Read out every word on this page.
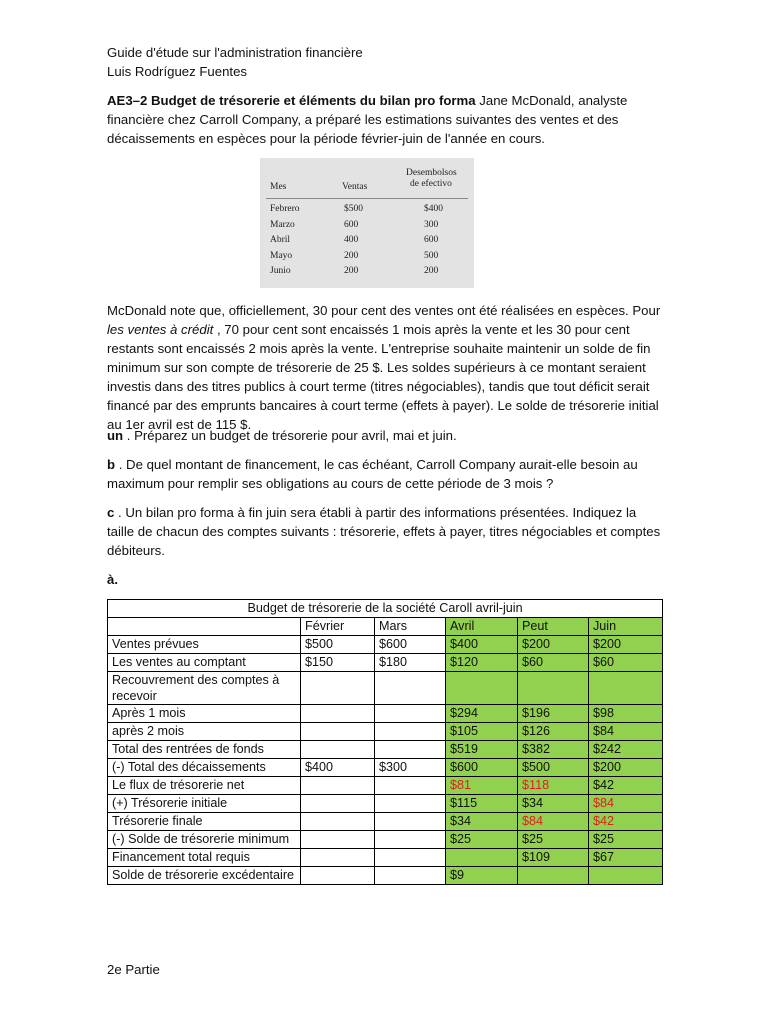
Guide d'étude sur l'administration financière
Luis Rodríguez Fuentes
AE3–2 Budget de trésorerie et éléments du bilan pro forma Jane McDonald, analyste financière chez Carroll Company, a préparé les estimations suivantes des ventes et des décaissements en espèces pour la période février-juin de l'année en cours.
Mes	Ventas
Desembolsos
de efectivo
Febrero	$500	$400
Marzo	600	300
Abril	400	600
Mayo	200	500
Junio	200	200
McDonald note que, officiellement, 30 pour cent des ventes ont été réalisées en espèces. Pour les ventes à crédit , 70 pour cent sont encaissés 1 mois après la vente et les 30 pour cent restants sont encaissés 2 mois après la vente. L'entreprise souhaite maintenir un solde de fin minimum sur son compte de trésorerie de 25 $. Les soldes supérieurs à ce montant seraient investis dans des titres publics à court terme (titres négociables), tandis que tout déficit serait financé par des emprunts bancaires à court terme (effets à payer). Le solde de trésorerie initial au 1er avril est de 115 $.
un . Préparez un budget de trésorerie pour avril, mai et juin.
b . De quel montant de financement, le cas échéant, Carroll Company aurait-elle besoin au maximum pour remplir ses obligations au cours de cette période de 3 mois ?
c . Un bilan pro forma à fin juin sera établi à partir des informations présentées. Indiquez la taille de chacun des comptes suivants : trésorerie, effets à payer, titres négociables et comptes débiteurs.
à.
Budget de trésorerie de la société Caroll avril-juin					
	Février	Mars	Avril	Peut	Juin
Ventes prévues	$500	$600	$400	$200	$200
Les ventes au comptant	$150	$180	$120	$60	$60
Recouvrement des comptes à recevoir					
Après 1 mois			$294	$196	$98
après 2 mois			$105	$126	$84
Total des rentrées de fonds			$519	$382	$242
(-) Total des décaissements	$400	$300	$600	$500	$200
Le flux de trésorerie net			$81	$118	$42
(+) Trésorerie initiale			$115	$34	$84
Trésorerie finale			$34	$84	$42
(-) Solde de trésorerie minimum			$25	$25	$25
Financement total requis				$109	$67
Solde de trésorerie excédentaire			$9		
2e Partie
